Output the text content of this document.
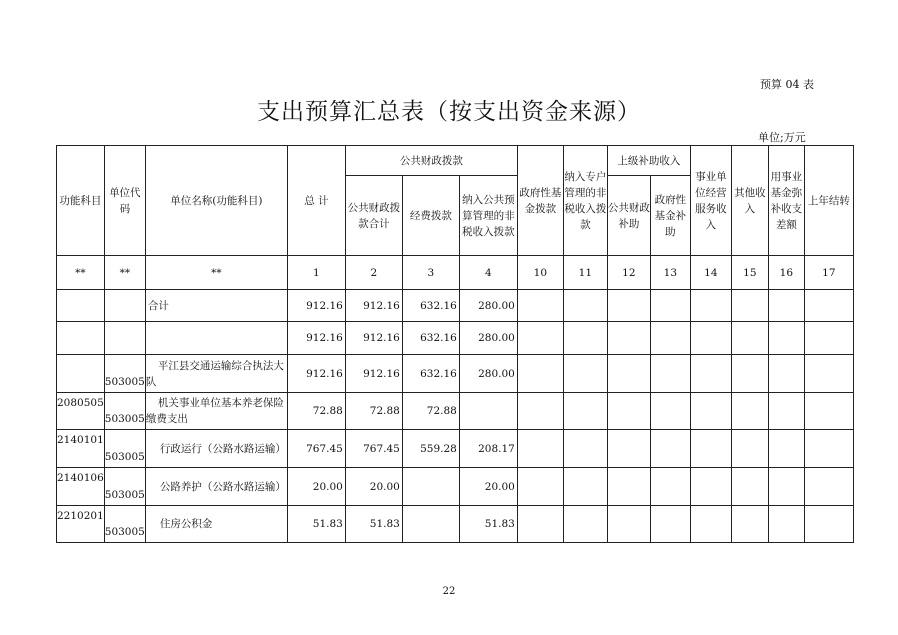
预算 04 表
支出预算汇总表（按支出资金来源）
单位;万元
功能科目	单位代码	单位名称(功能科目)	总 计	公共财政拨款			政府性基金拨款	纳入专户管理的非税收入拨款	上级补助收入		事业单位经营服务收入	其他收入	用事业基金弥补收支差额	上年结转
				公共财政拨款合计	经费拨款	纳入公共预算管理的非税收入拨款			公共财政补助	政府性基金补助				

**	**	**	1	2	3	4	10	11	12	13	14	15	16	17
		合计	912.16	912.16	632.16	280.00								
			912.16	912.16	632.16	280.00								
	503005	平江县交通运输综合执法大队	912.16	912.16	632.16	280.00								
2080505	503005	机关事业单位基本养老保险缴费支出	72.88	72.88	72.88									
2140101	503005	行政运行（公路水路运输）	767.45	767.45	559.28	208.17								
2140106	503005	公路养护（公路水路运输）	20.00	20.00		20.00								
2210201	503005	住房公积金	51.83	51.83		51.83								
22
